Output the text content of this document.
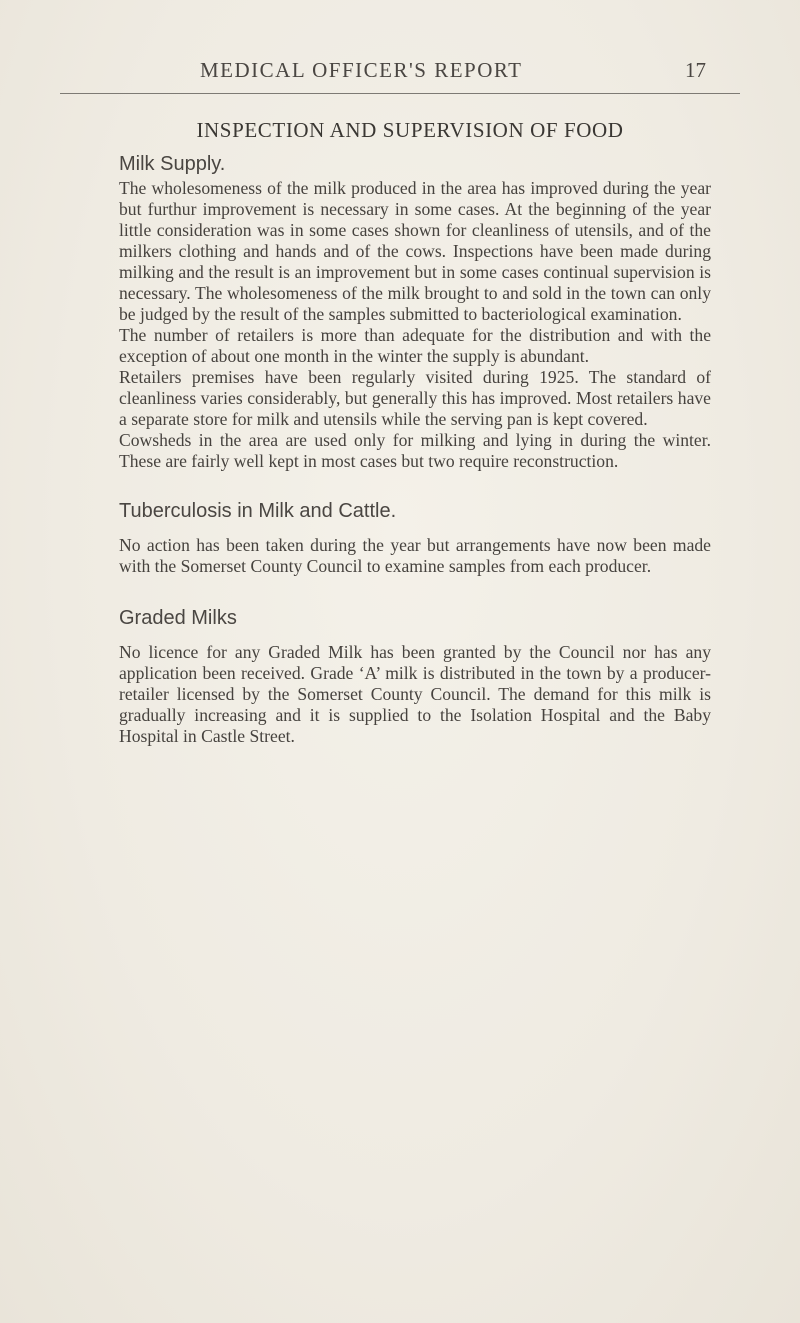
MEDICAL OFFICER'S REPORT	17
INSPECTION AND SUPERVISION OF FOOD
Milk Supply.

The wholesomeness of the milk produced in the area has improved during the year but furthur improvement is necessary in some cases. At the beginning of the year little consideration was in some cases shown for cleanliness of utensils, and of the milkers clothing and hands and of the cows. Inspections have been made during milking and the result is an improvement but in some cases continual supervision is necessary. The wholesomeness of the milk brought to and sold in the town can only be judged by the result of the samples submitted to bacteriological examination.

The number of retailers is more than adequate for the distribution and with the exception of about one month in the winter the supply is abundant.

Retailers premises have been regularly visited during 1925. The standard of cleanliness varies considerably, but generally this has improved. Most retailers have a separate store for milk and utensils while the serving pan is kept covered.

Cowsheds in the area are used only for milking and lying in during the winter. These are fairly well kept in most cases but two require reconstruction.

Tuberculosis in Milk and Cattle.

No action has been taken during the year but arrangements have now been made with the Somerset County Council to examine samples from each producer.

Graded Milks

No licence for any Graded Milk has been granted by the Council nor has any application been received. Grade ‘A’ milk is distributed in the town by a producer-retailer licensed by the Somerset County Council. The demand for this milk is gradually increasing and it is supplied to the Isolation Hospital and the Baby Hospital in Castle Street.
